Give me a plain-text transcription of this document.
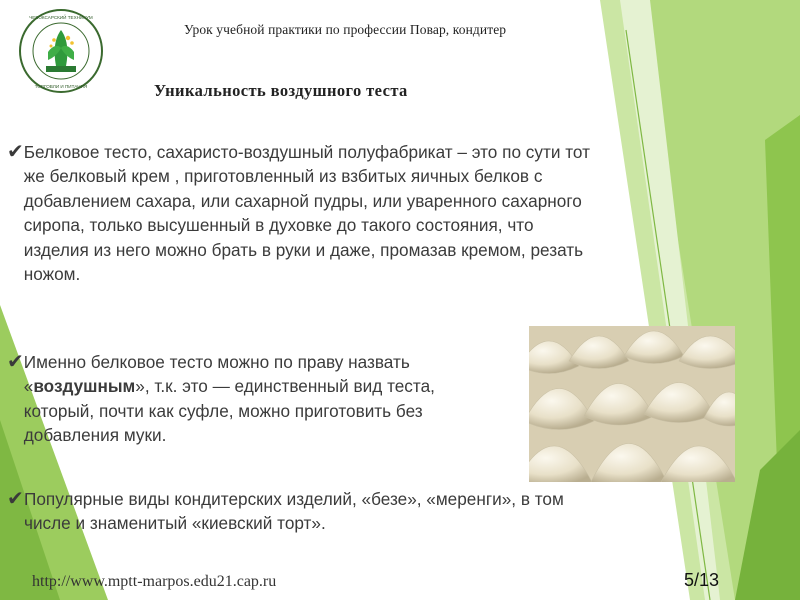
ЧЕБОКСАРСКИЙ ТЕХНИКУМ
ТОРГОВЛИ И ПИТАНИЯ
Урок учебной практики по профессии Повар, кондитер
Уникальность воздушного теста
✔ Белковое тесто, сахаристо-воздушный полуфабрикат – это по сути тот же белковый крем , приготовленный из взбитых яичных белков с добавлением сахара, или сахарной пудры, или уваренного сахарного сиропа, только высушенный в духовке до такого состояния, что изделия из него можно брать в руки и даже, промазав кремом, резать ножом.
✔ Именно белковое тесто можно по праву назвать «воздушным», т.к. это — единственный вид теста, который, почти как суфле, можно приготовить без добавления муки.
✔ Популярные виды кондитерских изделий, «безе», «меренги», в том числе и знаменитый «киевский торт».
http://www.mptt-marpos.edu21.cap.ru	5/13
